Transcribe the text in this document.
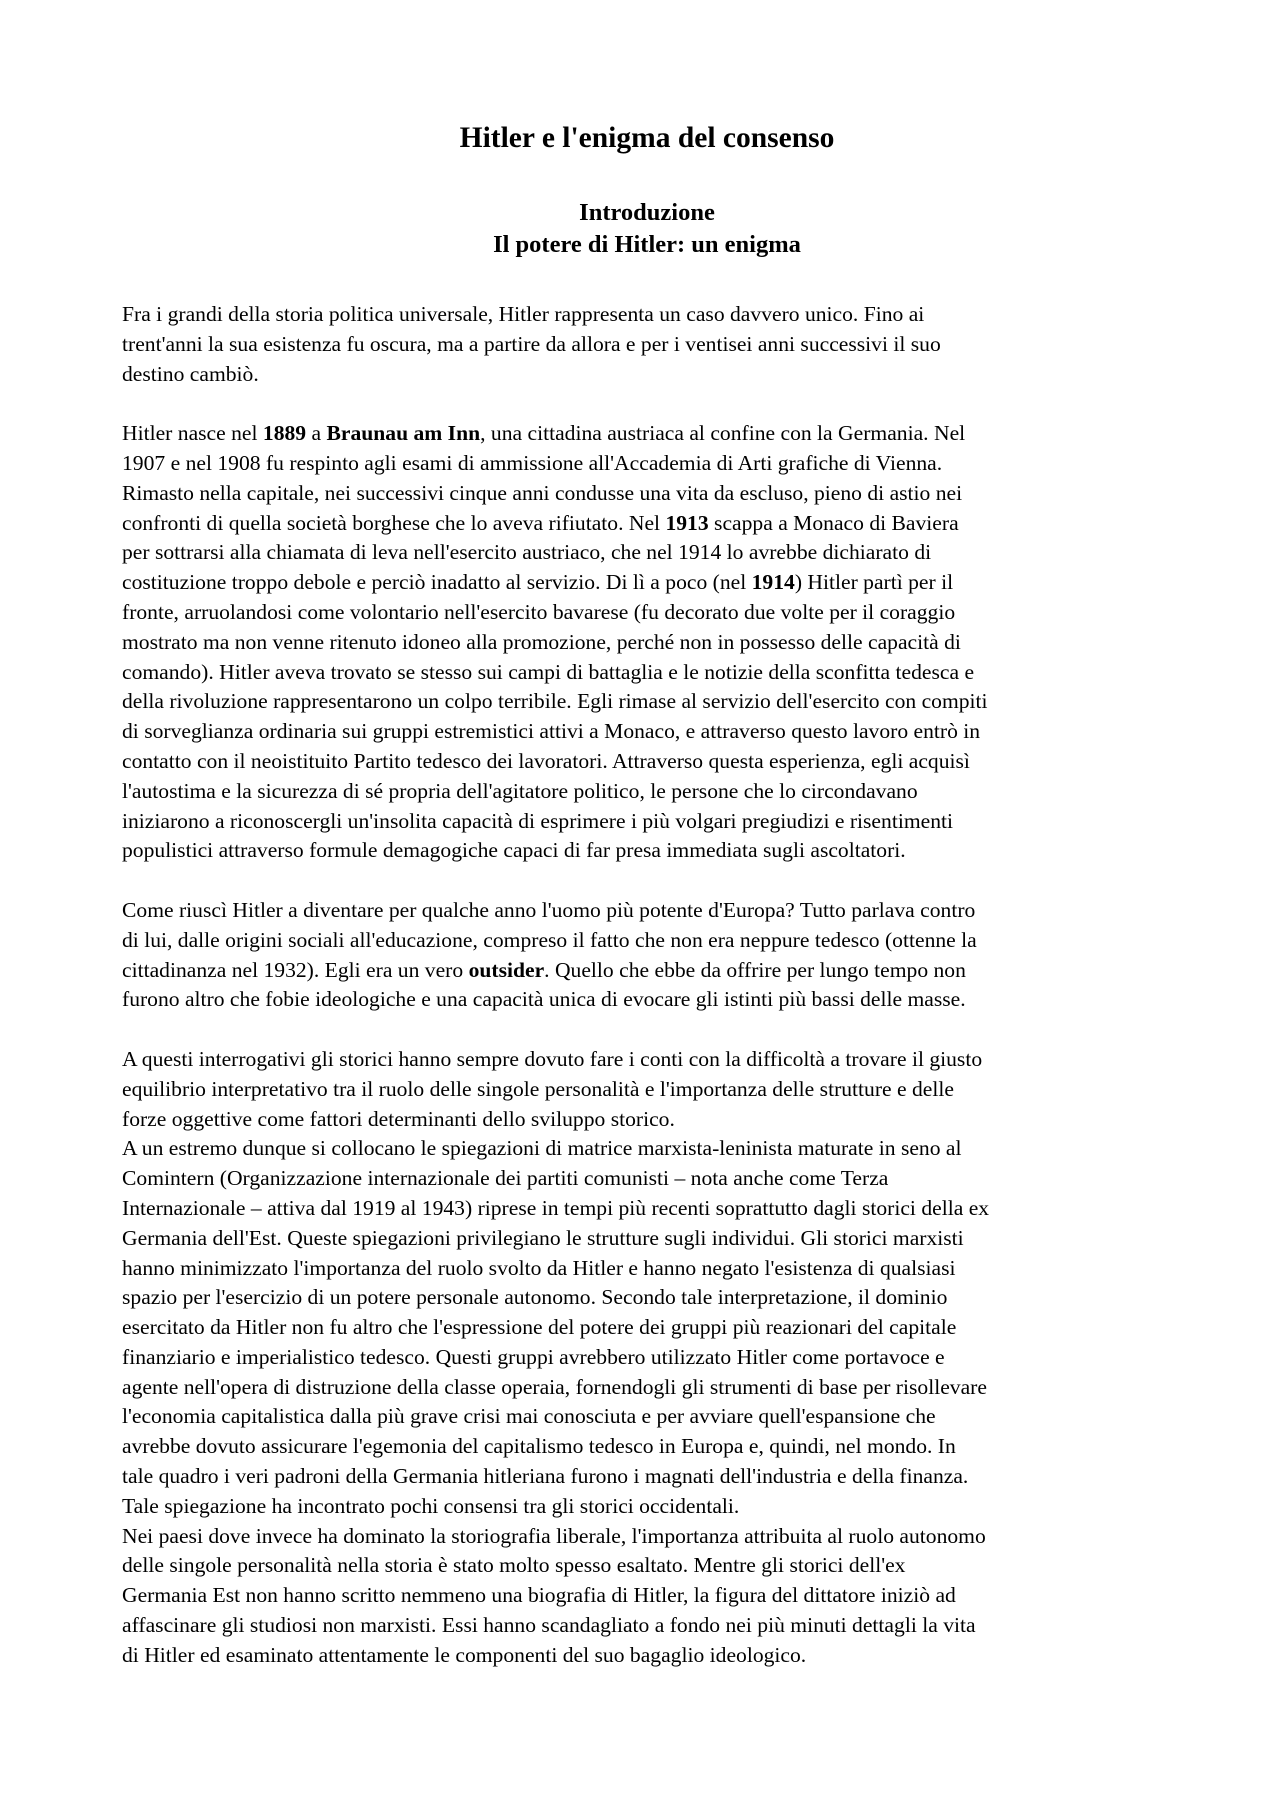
Hitler e l'enigma del consenso
Introduzione
Il potere di Hitler: un enigma
Fra i grandi della storia politica universale, Hitler rappresenta un caso davvero unico. Fino ai
trent'anni la sua esistenza fu oscura, ma a partire da allora e per i ventisei anni successivi il suo
destino cambiò.
Hitler nasce nel 1889 a Braunau am Inn, una cittadina austriaca al confine con la Germania. Nel
1907 e nel 1908 fu respinto agli esami di ammissione all'Accademia di Arti grafiche di Vienna.
Rimasto nella capitale, nei successivi cinque anni condusse una vita da escluso, pieno di astio nei
confronti di quella società borghese che lo aveva rifiutato. Nel 1913 scappa a Monaco di Baviera
per sottrarsi alla chiamata di leva nell'esercito austriaco, che nel 1914 lo avrebbe dichiarato di
costituzione troppo debole e perciò inadatto al servizio. Di lì a poco (nel 1914) Hitler partì per il
fronte, arruolandosi come volontario nell'esercito bavarese (fu decorato due volte per il coraggio
mostrato ma non venne ritenuto idoneo alla promozione, perché non in possesso delle capacità di
comando). Hitler aveva trovato se stesso sui campi di battaglia e le notizie della sconfitta tedesca e
della rivoluzione rappresentarono un colpo terribile. Egli rimase al servizio dell'esercito con compiti
di sorveglianza ordinaria sui gruppi estremistici attivi a Monaco, e attraverso questo lavoro entrò in
contatto con il neoistituito Partito tedesco dei lavoratori. Attraverso questa esperienza, egli acquisì
l'autostima e la sicurezza di sé propria dell'agitatore politico, le persone che lo circondavano
iniziarono a riconoscergli un'insolita capacità di esprimere i più volgari pregiudizi e risentimenti
populistici attraverso formule demagogiche capaci di far presa immediata sugli ascoltatori.
Come riuscì Hitler a diventare per qualche anno l'uomo più potente d'Europa? Tutto parlava contro
di lui, dalle origini sociali all'educazione, compreso il fatto che non era neppure tedesco (ottenne la
cittadinanza nel 1932). Egli era un vero outsider. Quello che ebbe da offrire per lungo tempo non
furono altro che fobie ideologiche e una capacità unica di evocare gli istinti più bassi delle masse.
A questi interrogativi gli storici hanno sempre dovuto fare i conti con la difficoltà a trovare il giusto
equilibrio interpretativo tra il ruolo delle singole personalità e l'importanza delle strutture e delle
forze oggettive come fattori determinanti dello sviluppo storico.
A un estremo dunque si collocano le spiegazioni di matrice marxista-leninista maturate in seno al
Comintern (Organizzazione internazionale dei partiti comunisti – nota anche come Terza
Internazionale – attiva dal 1919 al 1943) riprese in tempi più recenti soprattutto dagli storici della ex
Germania dell'Est. Queste spiegazioni privilegiano le strutture sugli individui. Gli storici marxisti
hanno minimizzato l'importanza del ruolo svolto da Hitler e hanno negato l'esistenza di qualsiasi
spazio per l'esercizio di un potere personale autonomo. Secondo tale interpretazione, il dominio
esercitato da Hitler non fu altro che l'espressione del potere dei gruppi più reazionari del capitale
finanziario e imperialistico tedesco. Questi gruppi avrebbero utilizzato Hitler come portavoce e
agente nell'opera di distruzione della classe operaia, fornendogli gli strumenti di base per risollevare
l'economia capitalistica dalla più grave crisi mai conosciuta e per avviare quell'espansione che
avrebbe dovuto assicurare l'egemonia del capitalismo tedesco in Europa e, quindi, nel mondo. In
tale quadro i veri padroni della Germania hitleriana furono i magnati dell'industria e della finanza.
Tale spiegazione ha incontrato pochi consensi tra gli storici occidentali.
Nei paesi dove invece ha dominato la storiografia liberale, l'importanza attribuita al ruolo autonomo
delle singole personalità nella storia è stato molto spesso esaltato. Mentre gli storici dell'ex
Germania Est non hanno scritto nemmeno una biografia di Hitler, la figura del dittatore iniziò ad
affascinare gli studiosi non marxisti. Essi hanno scandagliato a fondo nei più minuti dettagli la vita
di Hitler ed esaminato attentamente le componenti del suo bagaglio ideologico.
